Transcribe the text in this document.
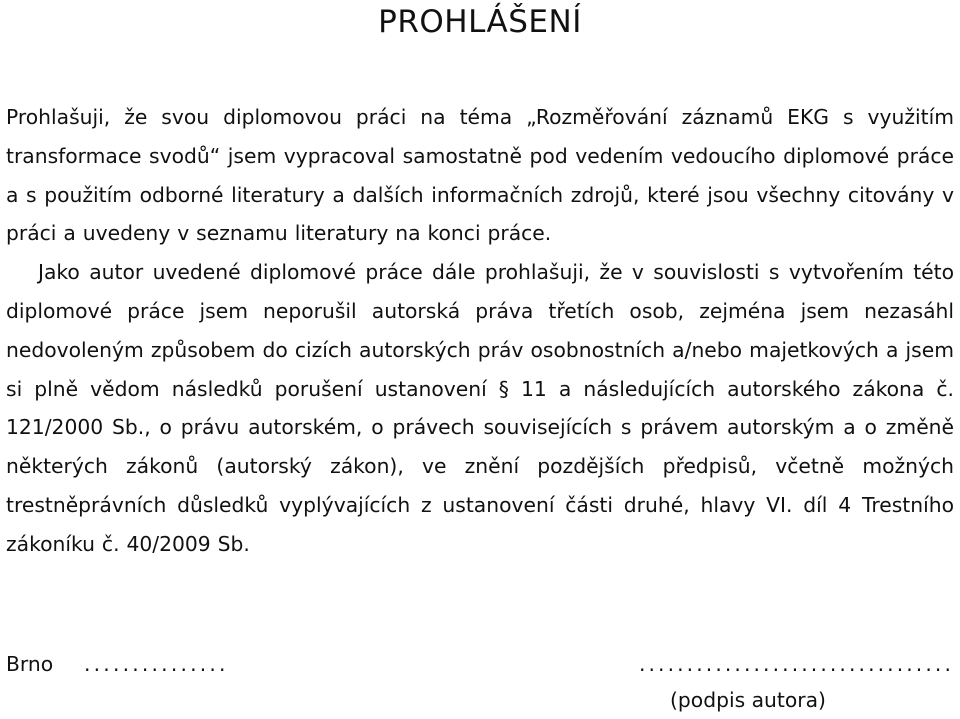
PROHLÁŠENÍ

Prohlašuji, že svou diplomovou práci na téma „Rozměřování záznamů EKG s využitím transformace svodů“ jsem vypracoval samostatně pod vedením vedoucího diplomové práce a s použitím odborné literatury a dalších informačních zdrojů, které jsou všechny citovány v práci a uvedeny v seznamu literatury na konci práce.

Jako autor uvedené diplomové práce dále prohlašuji, že v souvislosti s vytvořením této diplomové práce jsem neporušil autorská práva třetích osob, zejména jsem nezasáhl nedovoleným způsobem do cizích autorských práv osobnostních a/nebo majetkových a jsem si plně vědom následků porušení ustanovení § 11 a následujících autorského zákona č. 121/2000 Sb., o právu autorském, o právech souvisejících s právem autorským a o změně některých zákonů (autorský zákon), ve znění pozdějších předpisů, včetně možných trestněprávních důsledků vyplývajících z ustanovení části druhé, hlavy VI. díl 4 Trestního zákoníku č. 40/2009 Sb.

Brno ...............	.................................
(podpis autora)
